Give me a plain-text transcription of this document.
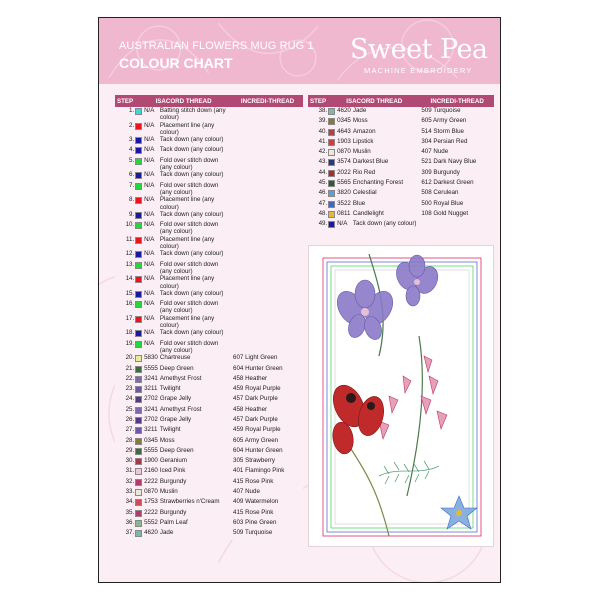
AUSTRALIAN FLOWERS MUG RUG 1
COLOUR CHART	Sweet Pea
MACHINE EMBROIDERY
STEP	ISACORD THREAD			INCREDI-THREAD
1.		N/A	Batting stitch down (any colour)	
2.		N/A	Placement line (any colour)	
3.		N/A	Tack down (any colour)	
4.		N/A	Tack down (any colour)	
5.		N/A	Fold over stitch down (any colour)	
6.		N/A	Tack down (any colour)	
7.		N/A	Fold over stitch down (any colour)	
8.		N/A	Placement line (any colour)	
9.		N/A	Tack down (any colour)	
10.		N/A	Fold over stitch down (any colour)	
11.		N/A	Placement line (any colour)	
12.		N/A	Tack down (any colour)	
13.		N/A	Fold over stitch down (any colour)	
14.		N/A	Placement line (any colour)	
15.		N/A	Tack down (any colour)	
16.		N/A	Fold over stitch down (any colour)	
17.		N/A	Placement line (any colour)	
18.		N/A	Tack down (any colour)	
19.		N/A	Fold over stitch down (any colour)	
20.		5830	Chartreuse	607 Light Green
21.		5555	Deep Green	604 Hunter Green
22.		3241	Amethyst Frost	458 Heather
23.		3211	Twilight	459 Royal Purple
24.		2702	Grape Jelly	457 Dark Purple
25.		3241	Amethyst Frost	458 Heather
26.		2702	Grape Jelly	457 Dark Purple
27.		3211	Twilight	459 Royal Purple
28.		0345	Moss	605 Army Green
29.		5555	Deep Green	604 Hunter Green
30.		1900	Geranium	305 Strawberry
31.		2160	Iced Pink	401 Flamingo Pink
32.		2222	Burgundy	415 Rose Pink
33.		0870	Muslin	407 Nude
34.		1753	Strawberries n'Cream	409 Watermelon
35.		2222	Burgundy	415 Rose Pink
36.		5552	Palm Leaf	603 Pine Green
37.		4620	Jade	509 Turquoise
STEP	ISACORD THREAD			INCREDI-THREAD
38.		4620	Jade	509 Turquoise
39.		0345	Moss	605 Army Green
40.		4643	Amazon	514 Storm Blue
41.		1903	Lipstick	304 Persian Red
42.		0870	Muslin	407 Nude
43.		3574	Darkest Blue	521 Dark Navy Blue
44.		2022	Rio Red	309 Burgundy
45.		5565	Enchanting Forest	612 Darkest Green
46.		3820	Celestial	508 Cerulean
47.		3522	Blue	500 Royal Blue
48.		0811	Candlelight	108 Gold Nugget
49.		N/A	Tack down (any colour)	
